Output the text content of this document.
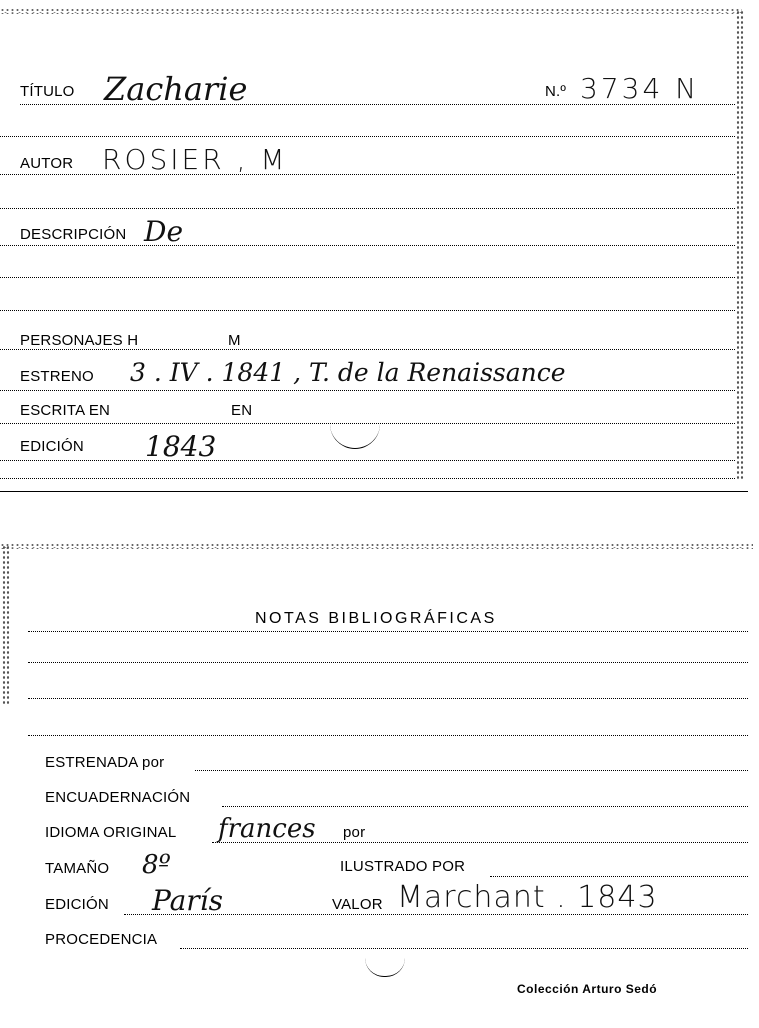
TÍTULO Zacharie	N.º 3734 N
AUTOR ROSIER , M
DESCRIPCIÓN De
PERSONAJES H	M
ESTRENO 3 . IV . 1841 , T. de la Renaissance
ESCRITA EN	EN
EDICIÓN 1843
NOTAS BIBLIOGRÁFICAS
ESTRENADA por
ENCUADERNACIÓN
IDIOMA ORIGINAL frances por
TAMAÑO 8º	ILUSTRADO POR
EDICIÓN París	VALOR Marchant . 1843
PROCEDENCIA
Colección Arturo Sedó
